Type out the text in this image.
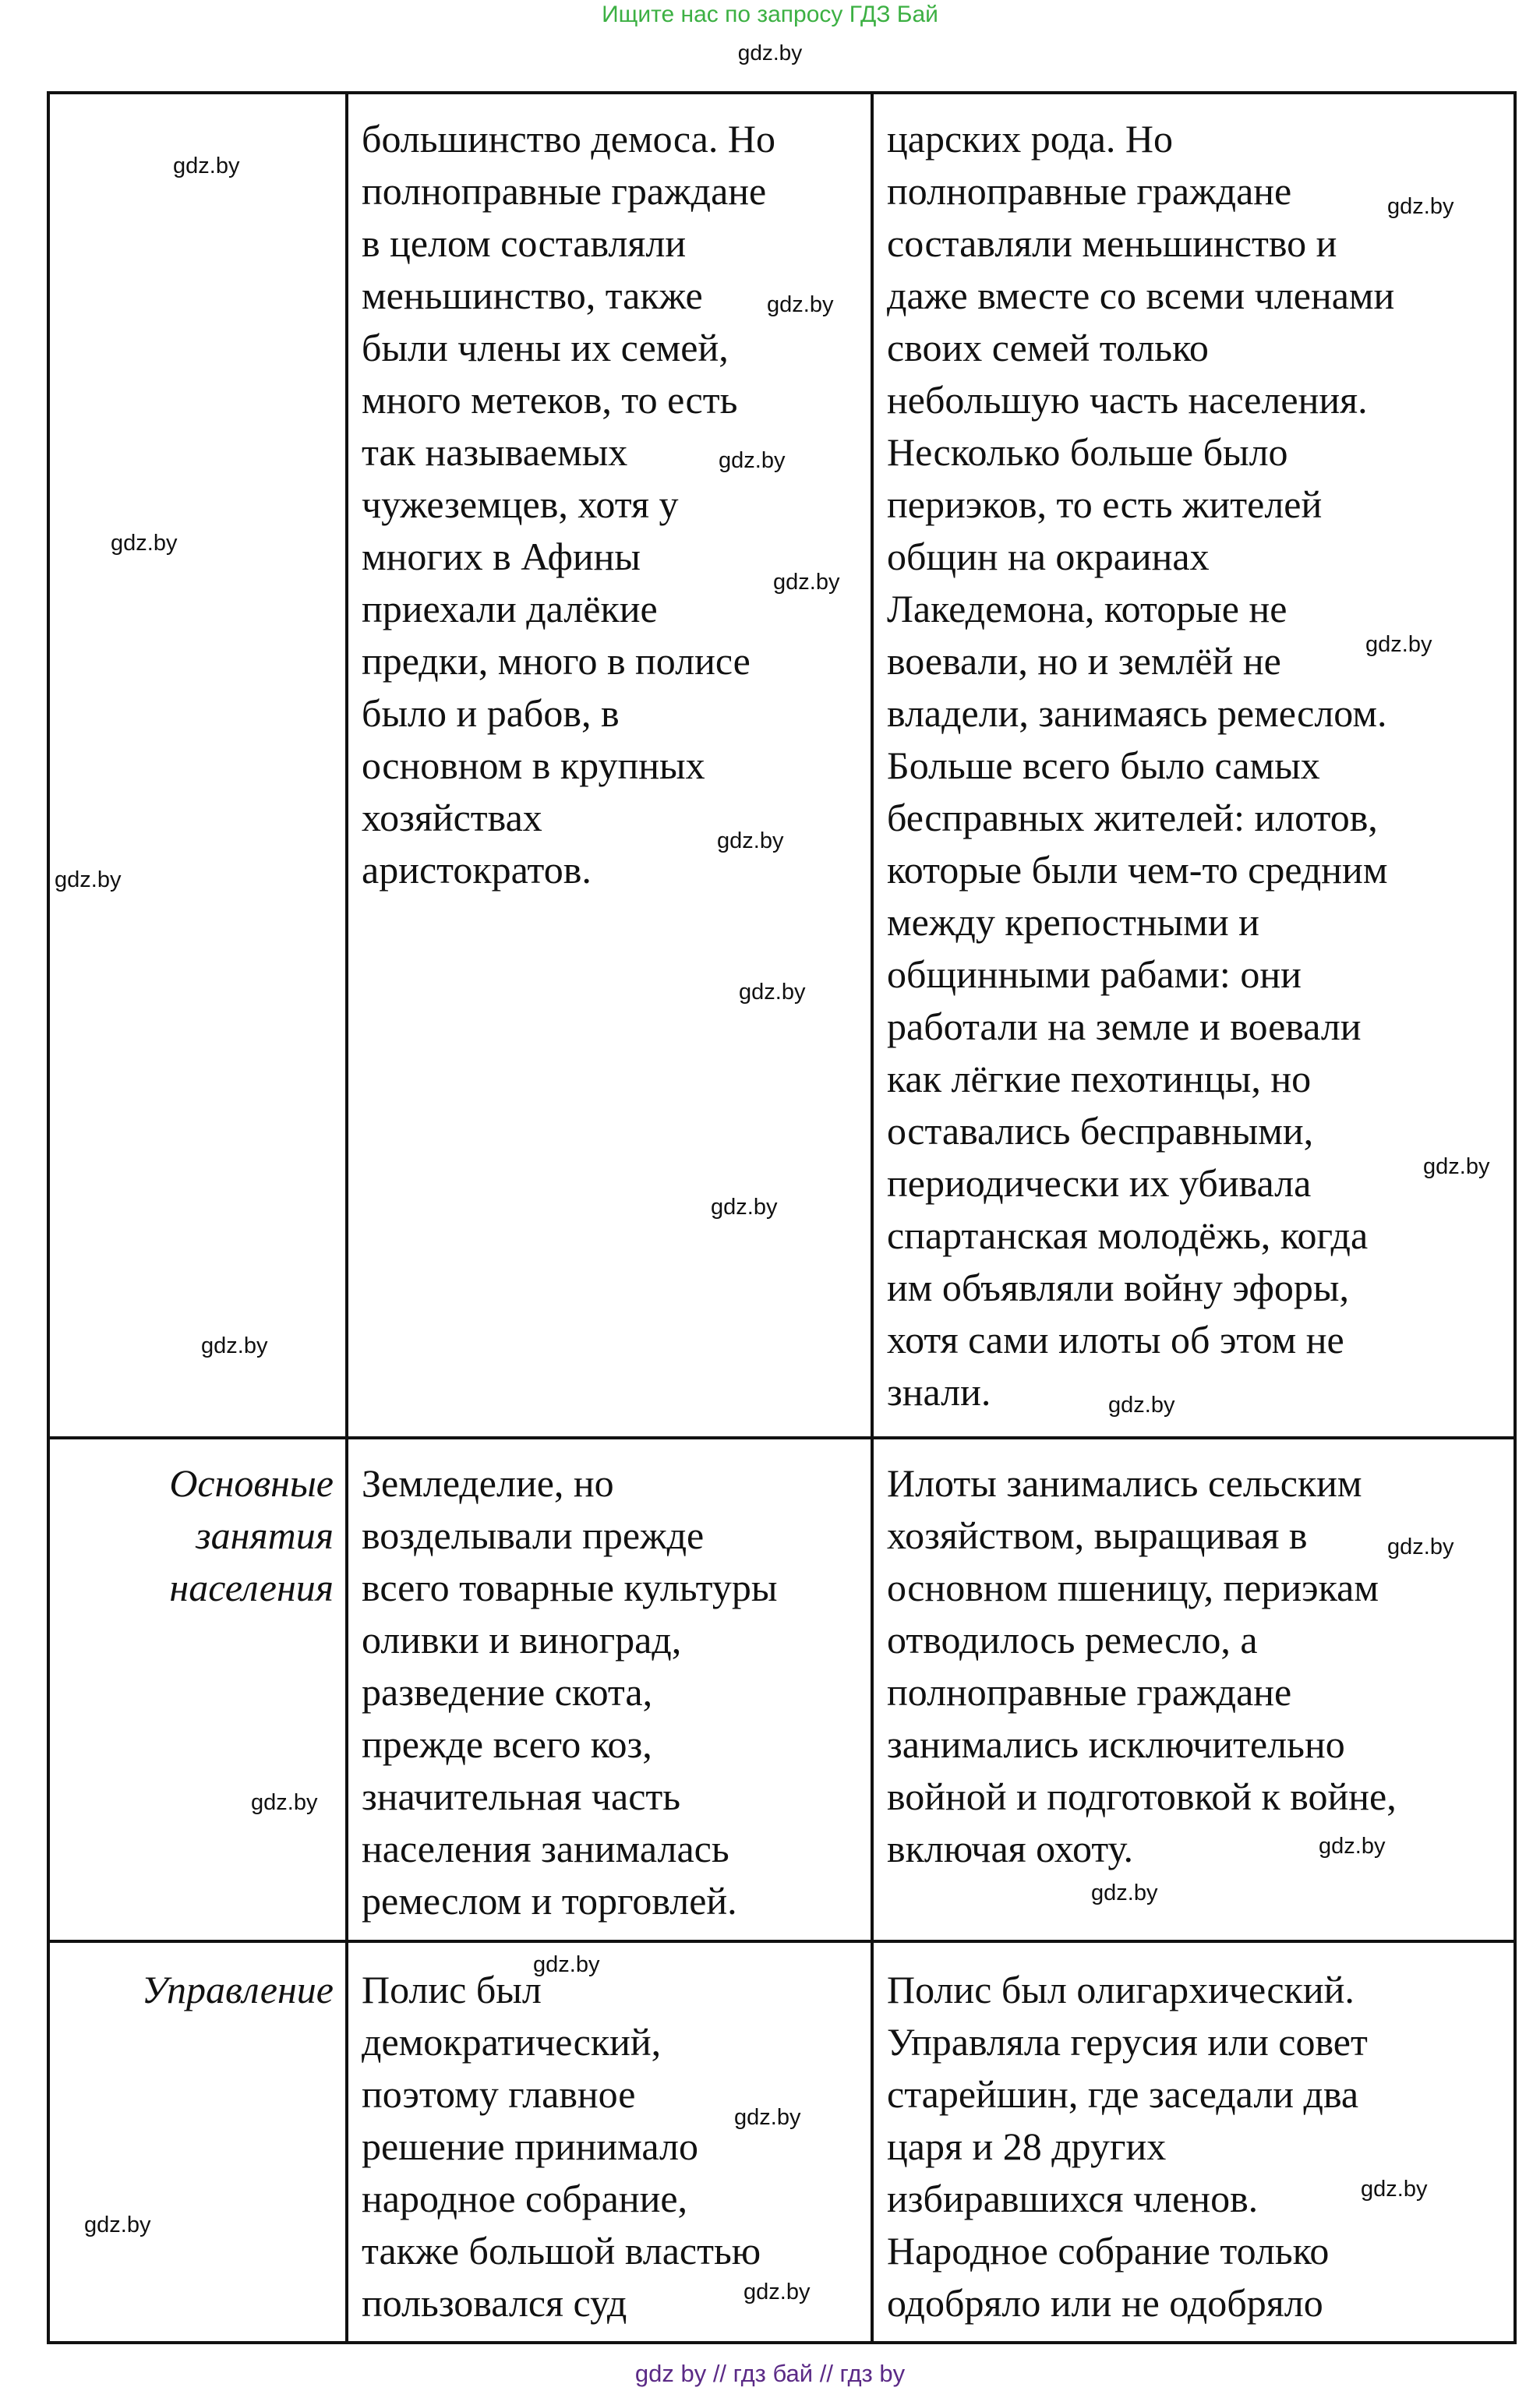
Ищите нас по запросу ГДЗ Бай
gdz.by
большинство демоса. Но
полноправные граждане
в целом составляли
меньшинство, также
были члены их семей,
много метеков, то есть
так называемых
чужеземцев, хотя у
многих в Афины
приехали далёкие
предки, много в полисе
было и рабов, в
основном в крупных
хозяйствах
аристократов.
царских рода. Но
полноправные граждане
составляли меньшинство и
даже вместе со всеми членами
своих семей только
небольшую часть населения.
Несколько больше было
периэков, то есть жителей
общин на окраинах
Лакедемона, которые не
воевали, но и землёй не
владели, занимаясь ремеслом.
Больше всего было самых
бесправных жителей: илотов,
которые были чем-то средним
между крепостными и
общинными рабами: они
работали на земле и воевали
как лёгкие пехотинцы, но
оставались бесправными,
периодически их убивала
спартанская молодёжь, когда
им объявляли войну эфоры,
хотя сами илоты об этом не
знали.
Основные
занятия
населения
Земледелие, но
возделывали прежде
всего товарные культуры
оливки и виноград,
разведение скота,
прежде всего коз,
значительная часть
населения занималась
ремеслом и торговлей.
Илоты занимались сельским
хозяйством, выращивая в
основном пшеницу, периэкам
отводилось ремесло, а
полноправные граждане
занимались исключительно
войной и подготовкой к войне,
включая охоту.
Управление Полис был
демократический,
поэтому главное
решение принимало
народное собрание,
также большой властью
пользовался суд
Полис был олигархический.
Управляла герусия или совет
старейшин, где заседали два
царя и 28 других
избиравшихся членов.
Народное собрание только
одобряло или не одобряло
gdz.by
gdz.by
gdz.by
gdz.by
gdz.by
gdz.by
gdz.by
gdz.by
gdz.by
gdz.by
gdz.by
gdz.by
gdz.by
gdz.by
gdz.by
gdz.by
gdz.by
gdz.by
gdz.by
gdz.by
gdz.by
gdz.by
gdz.by
gdz by // гдз бай // гдз by
